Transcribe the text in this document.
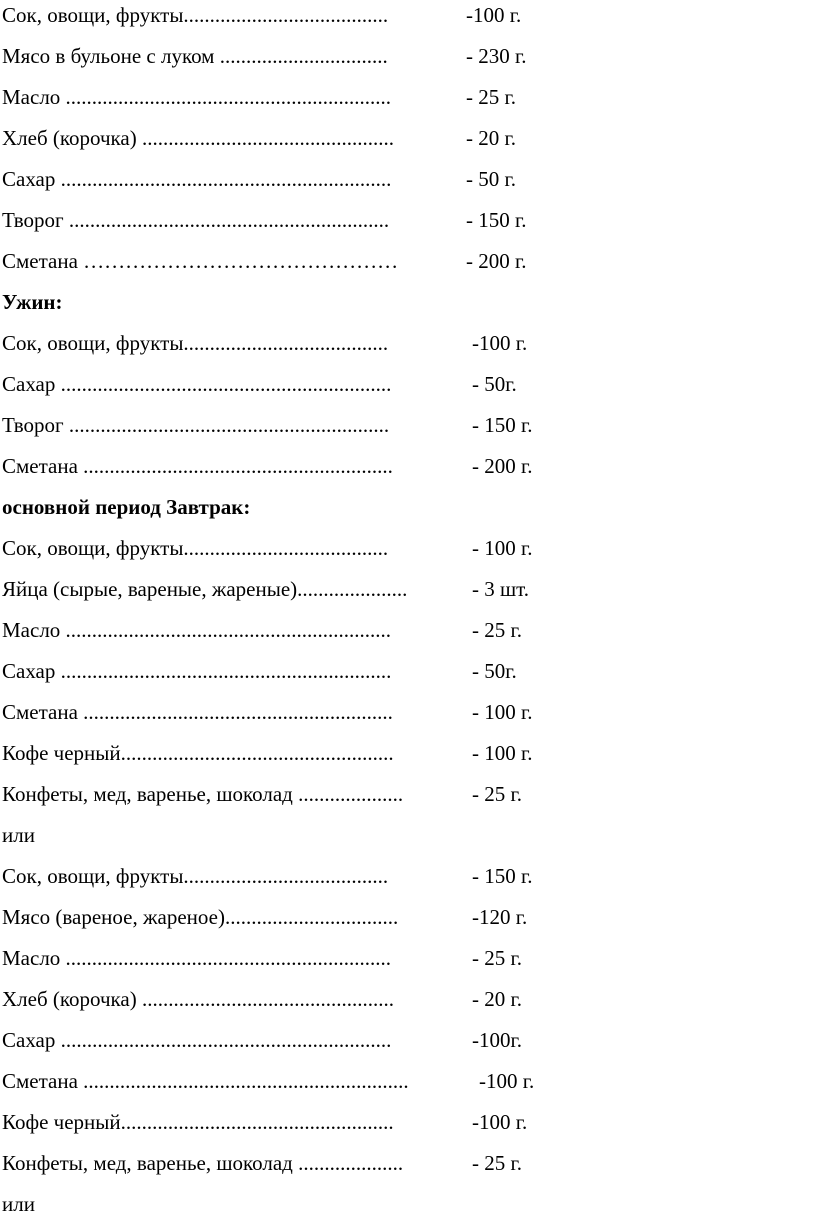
Сок, овощи, фрукты.......................................	-100 г.
Мясо в бульоне с луком ................................	- 230 г.
Масло ..............................................................	- 25 г.
Хлеб (корочка) ................................................	- 20 г.
Сахар ...............................................................	- 50 г.
Творог .............................................................	- 150 г.
Сметана ………………………………………	- 200 г.
Ужин:
Сок, овощи, фрукты.......................................	-100 г.
Сахар ...............................................................	- 50г.
Творог .............................................................	- 150 г.
Сметана ...........................................................	- 200 г.
основной период Завтрак:
Сок, овощи, фрукты.......................................	- 100 г.
Яйца (сырые, вареные, жареные).....................	- 3 шт.
Масло ..............................................................	- 25 г.
Сахар ...............................................................	- 50г.
Сметана ...........................................................	- 100 г.
Кофе черный....................................................	- 100 г.
Конфеты, мед, варенье, шоколад ....................	- 25 г.
или
Сок, овощи, фрукты.......................................	- 150 г.
Мясо (вареное, жареное).................................	-120 г.
Масло ..............................................................	- 25 г.
Хлеб (корочка) ................................................	- 20 г.
Сахар ...............................................................	-100г.
Сметана ..............................................................	-100 г.
Кофе черный....................................................	-100 г.
Конфеты, мед, варенье, шоколад ....................	- 25 г.
или
